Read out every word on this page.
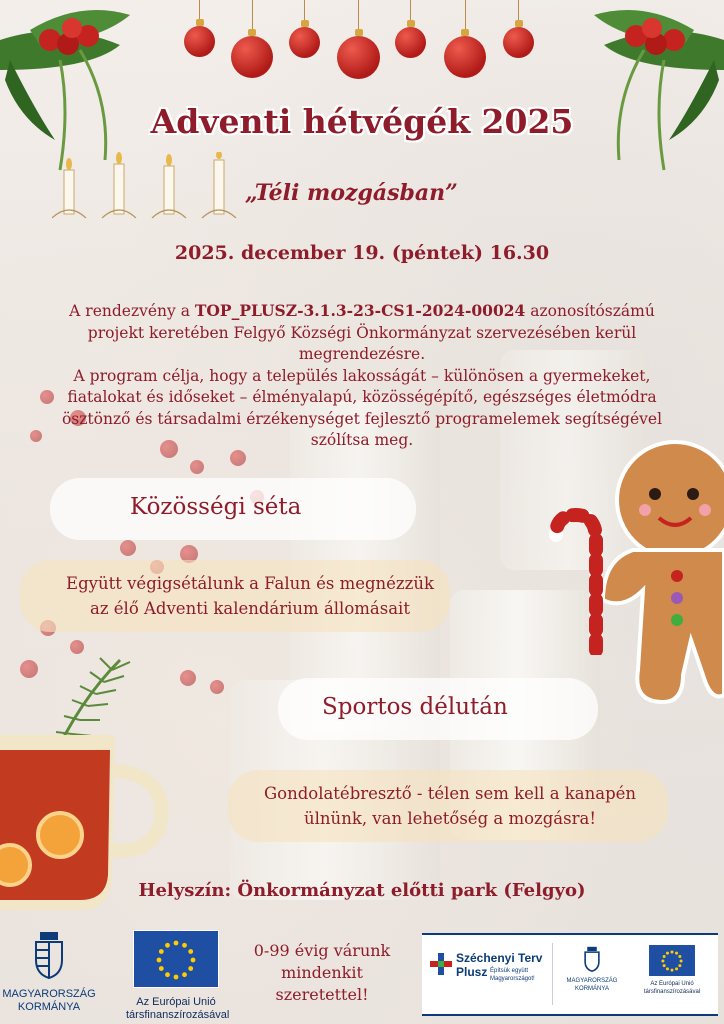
Adventi hétvégék 2025
„Téli mozgásban”
2025. december 19. (péntek) 16.30
A rendezvény a TOP_PLUSZ-3.1.3-23-CS1-2024-00024 azonosítószámú projekt keretében Felgyő Községi Önkormányzat szervezésében kerül megrendezésre.
A program célja, hogy a település lakosságát – különösen a gyermekeket, fiatalokat és időseket – élményalapú, közösségépítő, egészséges életmódra ösztönző és társadalmi érzékenységet fejlesztő programelemek segítségével szólítsa meg.
Közösségi séta
Együtt végigsétálunk a Falun és megnézzük
az élő Adventi kalendárium állomásait
Sportos délután
Gondolatébresztő - télen sem kell a kanapén
ülnünk, van lehetőség a mozgásra!
Helyszín: Önkormányzat előtti park (Felgyo)
MAGYARORSZÁG
KORMÁNYA	Az Európai Unió
társfinanszírozásával
0-99 évig várunk
mindenkit
szeretettel!
Széchenyi Terv
Plusz Építsük együtt
Magyarországot!	MAGYARORSZÁG
KORMÁNYA
Az Európai Unió
társfinanszírozásával
